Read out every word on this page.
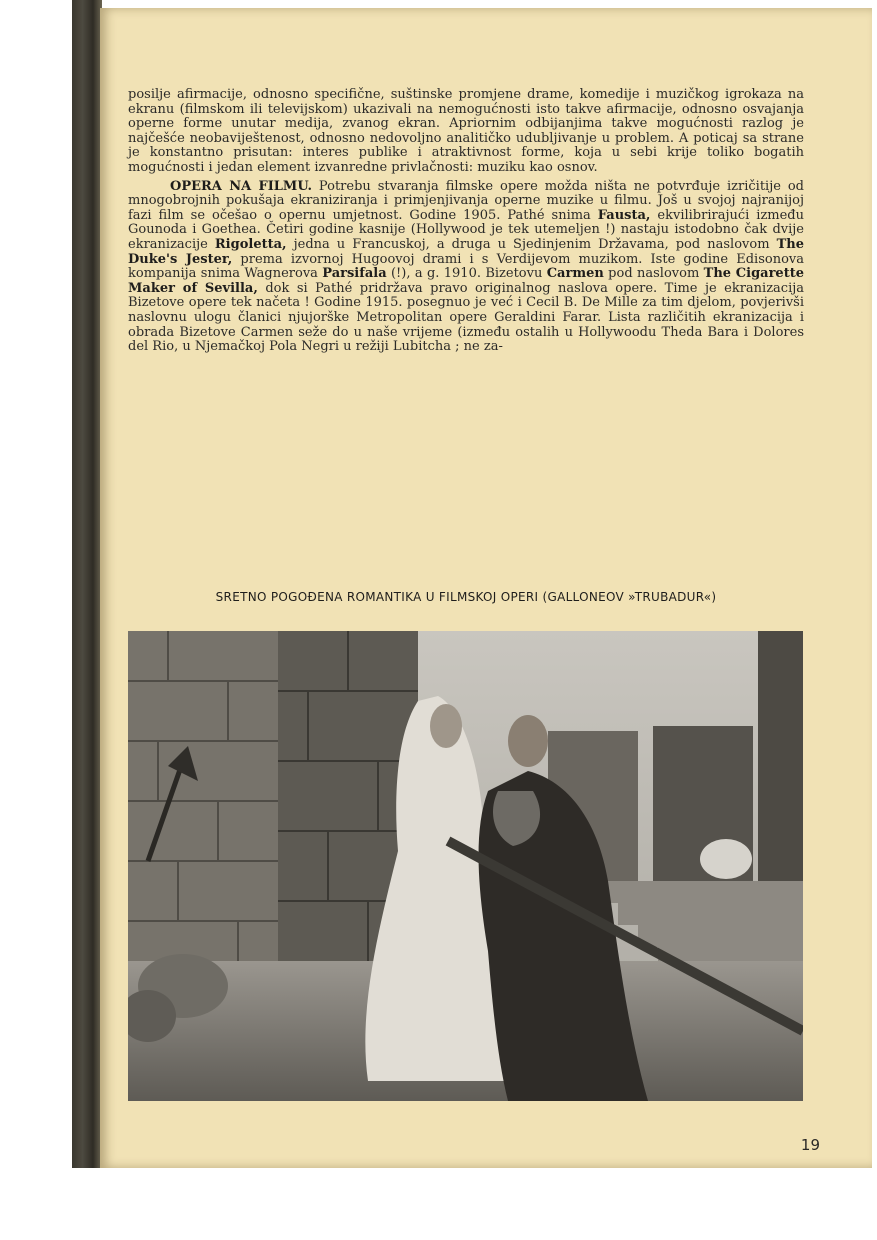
posilje afirmacije, odnosno specifične, suštinske promjene drame, komedije i muzičkog igrokaza na ekranu (filmskom ili televijskom) ukazivali na nemogućnosti isto takve afirmacije, odnosno osvajanja operne forme unutar medija, zvanog ekran. Apriornim odbijanjima takve mogućnosti razlog je najčešće neobaviještenost, odnosno nedovoljno analitičko udubljivanje u problem. A poticaj sa strane je konstantno prisutan: interes publike i atraktivnost forme, koja u sebi krije toliko bogatih mogućnosti i jedan element izvanredne privlačnosti: muziku kao osnov.

OPERA NA FILMU. Potrebu stvaranja filmske opere možda ništa ne potvrđuje izričitije od mnogobrojnih pokušaja ekraniziranja i primjenjivanja operne muzike u filmu. Još u svojoj najranijoj fazi film se očešao o opernu umjetnost. Godine 1905. Pathé snima Fausta, ekvilibrirajući između Gounoda i Goethea. Četiri godine kasnije (Hollywood je tek utemeljen !) nastaju istodobno čak dvije ekranizacije Rigoletta, jedna u Francuskoj, a druga u Sjedinjenim Državama, pod naslovom The Duke's Jester, prema izvornoj Hugoovoj drami i s Verdijevom muzikom. Iste godine Edisonova kompanija snima Wagnerova Parsifala (!), a g. 1910. Bizetovu Carmen pod naslovom The Cigarette Maker of Sevilla, dok si Pathé pridržava pravo originalnog naslova opere. Time je ekranizacija Bizetove opere tek načeta ! Godine 1915. posegnuo je već i Cecil B. De Mille za tim djelom, povjerivši naslovnu ulogu članici njujorške Metropolitan opere Geraldini Farar. Lista različitih ekranizacija i obrada Bizetove Carmen seže do u naše vrijeme (između ostalih u Hollywoodu Theda Bara i Dolores del Rio, u Njemačkoj Pola Negri u režiji Lubitcha ; ne za-

SRETNO POGOĐENA ROMANTIKA U FILMSKOJ OPERI (GALLONEOV »TRUBADUR«)
19
